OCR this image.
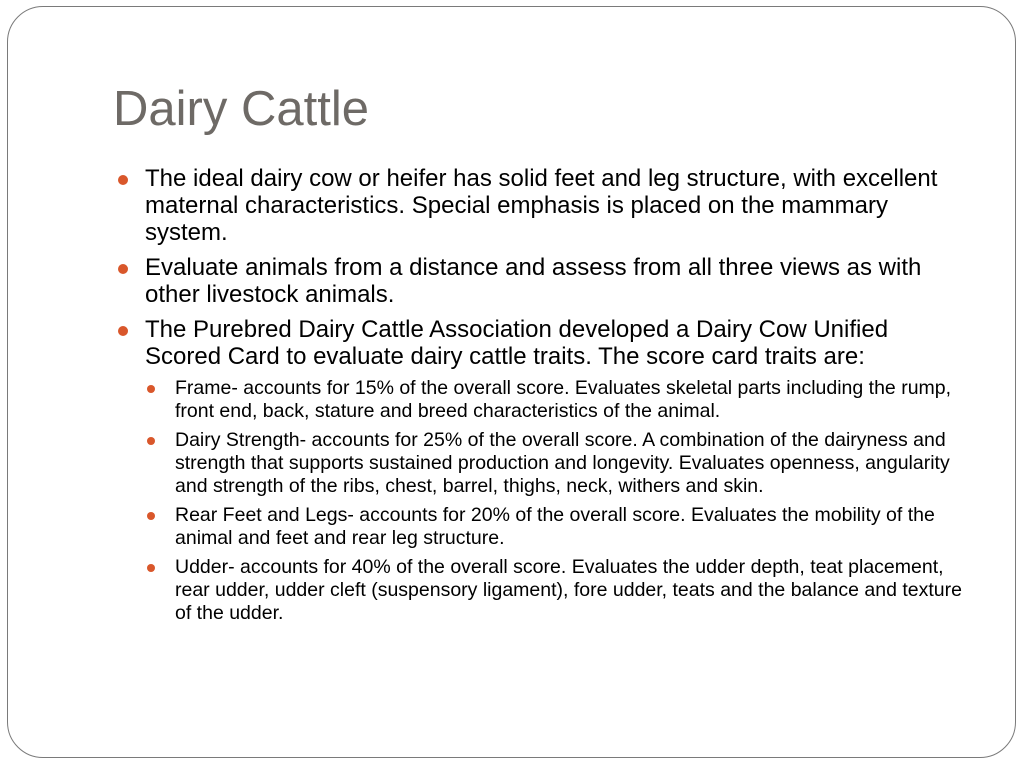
Dairy Cattle
The ideal dairy cow or heifer has solid feet and leg structure, with excellent maternal characteristics. Special emphasis is placed on the mammary system.
Evaluate animals from a distance and assess from all three views as with other livestock animals.
The Purebred Dairy Cattle Association developed a Dairy Cow Unified Scored Card to evaluate dairy cattle traits. The score card traits are:
Frame- accounts for 15% of the overall score. Evaluates skeletal parts including the rump, front end, back, stature and breed characteristics of the animal.
Dairy Strength- accounts for 25% of the overall score. A combination of the dairyness and strength that supports sustained production and longevity. Evaluates openness, angularity and strength of the ribs, chest, barrel, thighs, neck, withers and skin.
Rear Feet and Legs- accounts for 20% of the overall score. Evaluates the mobility of the animal and feet and rear leg structure.
Udder- accounts for 40% of the overall score. Evaluates the udder depth, teat placement, rear udder, udder cleft (suspensory ligament), fore udder, teats and the balance and texture of the udder.
